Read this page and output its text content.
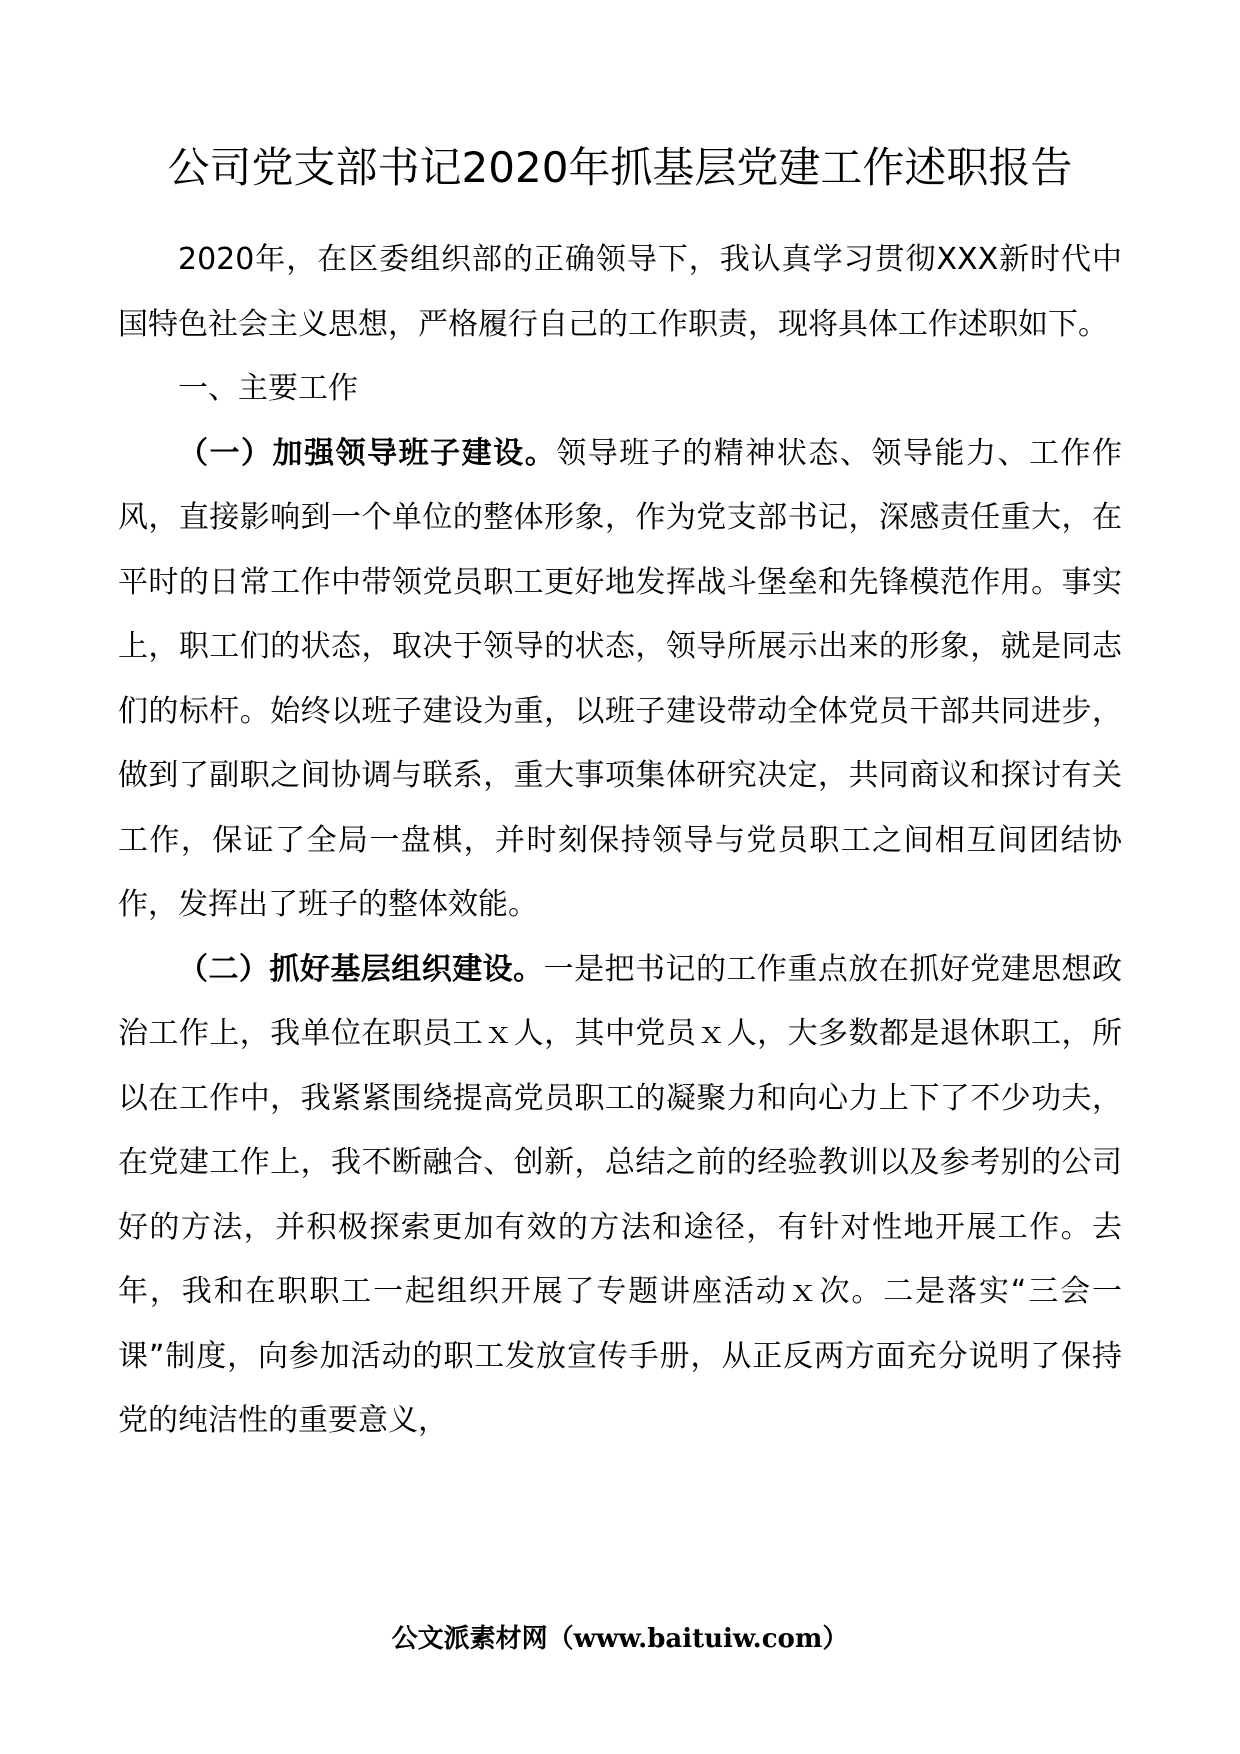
公司党支部书记2020年抓基层党建工作述职报告

2020年，在区委组织部的正确领导下，我认真学习贯彻XXX新时代中国特色社会主义思想，严格履行自己的工作职责，现将具体工作述职如下。

一、主要工作

（一）加强领导班子建设。领导班子的精神状态、领导能力、工作作风，直接影响到一个单位的整体形象，作为党支部书记，深感责任重大，在平时的日常工作中带领党员职工更好地发挥战斗堡垒和先锋模范作用。事实上，职工们的状态，取决于领导的状态，领导所展示出来的形象，就是同志们的标杆。始终以班子建设为重，以班子建设带动全体党员干部共同进步，做到了副职之间协调与联系，重大事项集体研究决定，共同商议和探讨有关工作，保证了全局一盘棋，并时刻保持领导与党员职工之间相互间团结协作，发挥出了班子的整体效能。

（二）抓好基层组织建设。一是把书记的工作重点放在抓好党建思想政治工作上，我单位在职员工ｘ人，其中党员ｘ人，大多数都是退休职工，所以在工作中，我紧紧围绕提高党员职工的凝聚力和向心力上下了不少功夫，在党建工作上，我不断融合、创新，总结之前的经验教训以及参考别的公司好的方法，并积极探索更加有效的方法和途径，有针对性地开展工作。去年，我和在职职工一起组织开展了专题讲座活动ｘ次。二是落实“三会一课”制度，向参加活动的职工发放宣传手册，从正反两方面充分说明了保持党的纯洁性的重要意义，

公文派素材网（www.baituiw.com）
